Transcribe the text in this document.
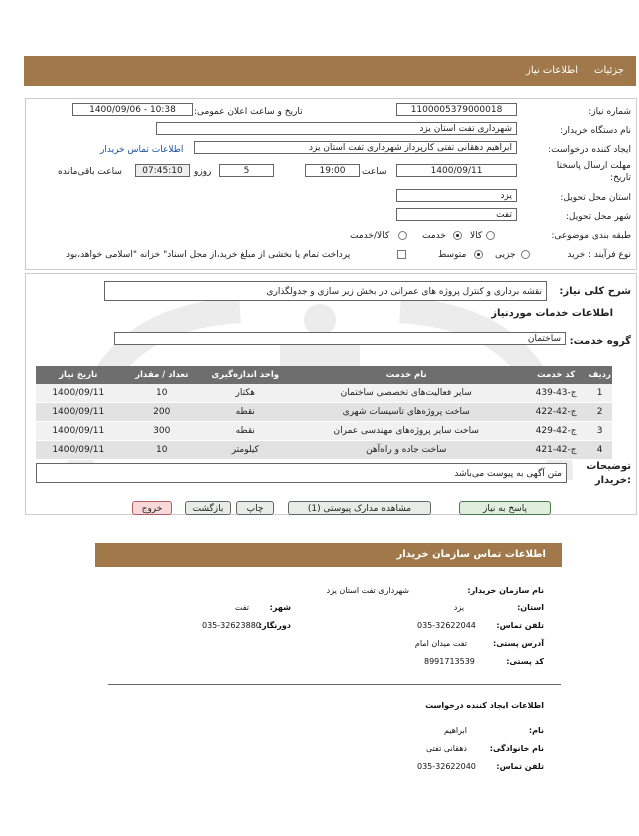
جزئیات
اطلاعات نیاز
شماره نیاز:
1100005379000018
تاریخ و ساعت اعلان عمومی:
1400/09/06 - 10:38
نام دستگاه خریدار:
شهرداری تفت استان یزد
ایجاد کننده درخواست:
ابراهیم دهقانی تفتی کارپرداز شهرداری تفت استان یزد
اطلاعات تماس خریدار
مهلت ارسال پاسختا
تاریخ:
1400/09/11
ساعت
19:00
5
روزو
07:45:10
ساعت باقی‌مانده
استان محل تحویل:
یزد
شهر محل تحویل:
تفت
طبقه بندی موضوعی:
کالا
خدمت
کالا/خدمت
نوع فرآیند : خرید
جزیی
متوسط
پرداخت تمام یا بخشی از مبلغ خرید،از محل اسناد" خزانه "اسلامی خواهد،بود
شرح کلی نیاز:
نقشه برداری و کنترل پروژه های عمرانی در بخش زیر سازی و جدولگذاری
اطلاعات خدمات موردنیاز
گروه خدمت:
ساختمان
ردیف	کد خدمت	نام خدمت	واحد اندازه‌گیری	تعداد / مقدار	تاریخ نیاز
1	ج-43-439	سایر فعالیت‌های تخصصی ساختمان	هکتار	10	1400/09/11
2	ج-42-422	ساخت پروژه‌های تاسیسات شهری	نقطه	200	1400/09/11
3	ج-42-429	ساخت سایر پروژه‌های مهندسی عمران	نقطه	300	1400/09/11
4	ج-42-421	ساخت جاده و راه‌آهن	کیلومتر	10	1400/09/11
توضیحات
:خریدار
متن آگهی به پیوست می‌باشد
پاسخ به نیاز
مشاهده مدارک پیوستی (1)
چاپ
بازگشت
خروج
اطلاعات تماس سازمان خریدار
نام سازمان خریدار:
شهرداری تفت استان یزد
استان:
یزد
شهر:
تفت
تلفن تماس:
035-32622044
دورنگار:
035-32623880
آدرس پستی:
تفت میدان امام
کد پستی:
8991713539
اطلاعات ایجاد کننده درخواست
نام:
ابراهیم
نام خانوادگی:
دهقانی تفتی
تلفن تماس:
035-32622040
